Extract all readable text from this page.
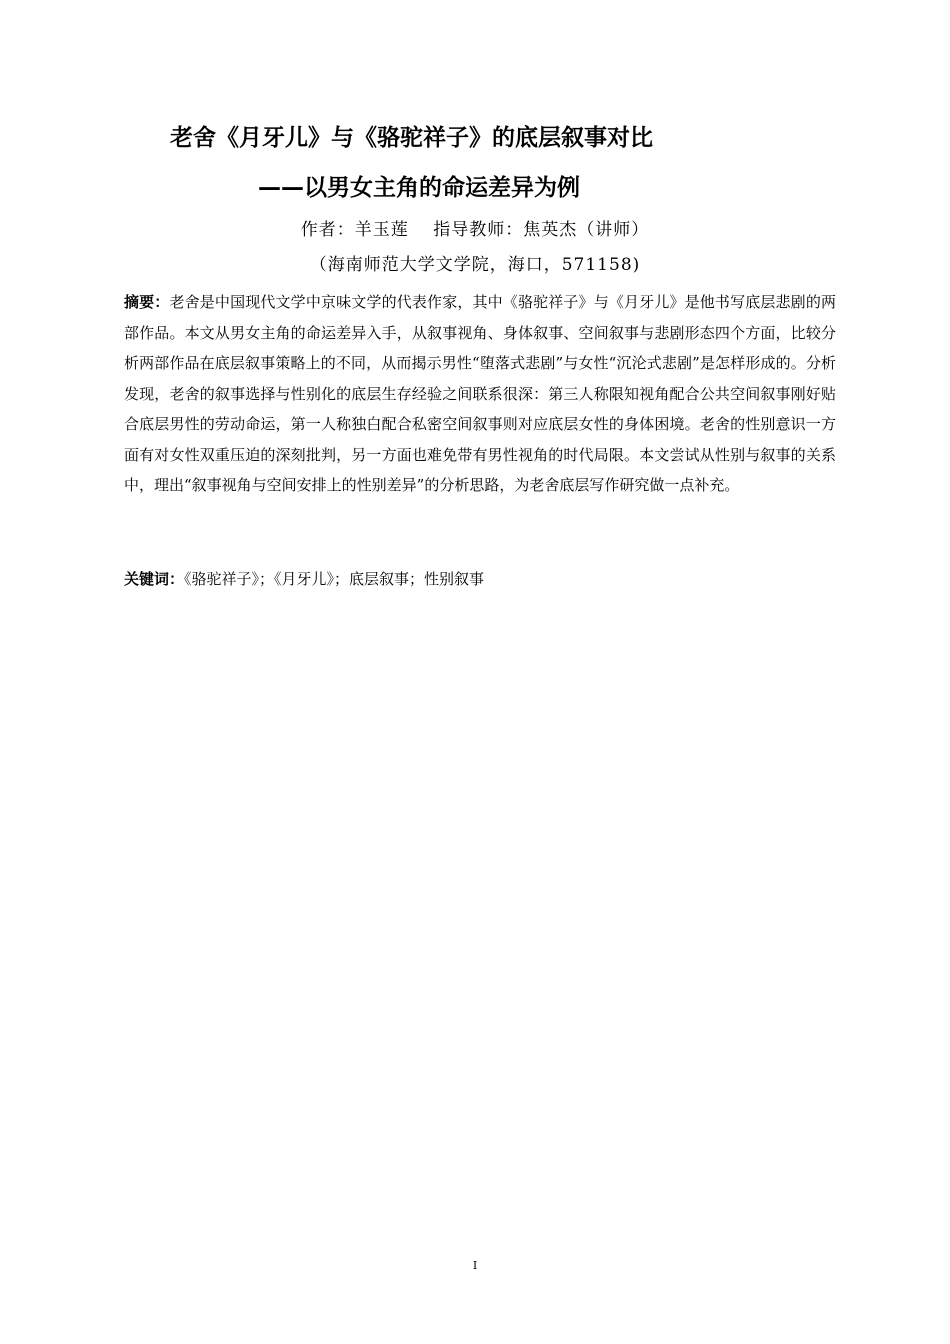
老舍《月牙儿》与《骆驼祥子》的底层叙事对比
——以男女主角的命运差异为例
作者：羊玉莲　 指导教师：焦英杰（讲师）
（海南师范大学文学院，海口，571158)
摘要：老舍是中国现代文学中京味文学的代表作家，其中《骆驼祥子》与《月牙儿》是他书写底层悲剧的两部作品。本文从男女主角的命运差异入手，从叙事视角、身体叙事、空间叙事与悲剧形态四个方面，比较分析两部作品在底层叙事策略上的不同，从而揭示男性“堕落式悲剧”与女性“沉沦式悲剧”是怎样形成的。分析发现，老舍的叙事选择与性别化的底层生存经验之间联系很深：第三人称限知视角配合公共空间叙事刚好贴合底层男性的劳动命运，第一人称独白配合私密空间叙事则对应底层女性的身体困境。老舍的性别意识一方面有对女性双重压迫的深刻批判，另一方面也难免带有男性视角的时代局限。本文尝试从性别与叙事的关系中，理出“叙事视角与空间安排上的性别差异”的分析思路，为老舍底层写作研究做一点补充。
关键词：《骆驼祥子》；《月牙儿》；底层叙事；性别叙事
I
